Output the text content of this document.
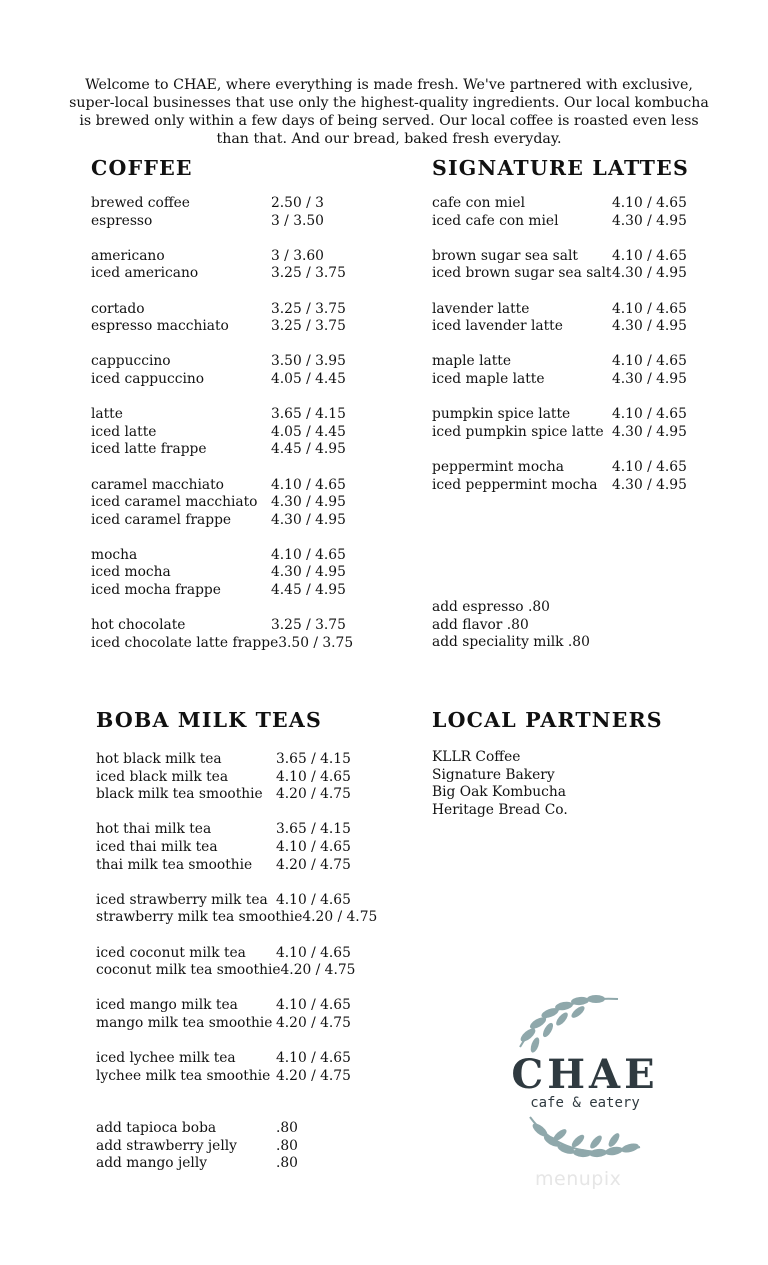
Welcome to CHAE, where everything is made fresh. We've partnered with exclusive, super-local businesses that use only the highest-quality ingredients. Our local kombucha is brewed only within a few days of being served. Our local coffee is roasted even less than that. And our bread, baked fresh everyday.
COFFEE
brewed coffee	2.50 / 3
espresso	3 / 3.50
americano	3 / 3.60
iced americano	3.25 / 3.75
cortado	3.25 / 3.75
espresso macchiato	3.25 / 3.75
cappuccino	3.50 / 3.95
iced cappuccino	4.05 / 4.45
latte	3.65 / 4.15
iced latte	4.05 / 4.45
iced latte frappe	4.45 / 4.95
caramel macchiato	4.10 / 4.65
iced caramel macchiato 4.30 / 4.95
iced caramel frappe	4.30 / 4.95
mocha	4.10 / 4.65
iced mocha	4.30 / 4.95
iced mocha frappe	4.45 / 4.95
hot chocolate	3.25 / 3.75
iced chocolate latte frappe 3.50 / 3.75
SIGNATURE LATTES
cafe con miel	4.10 / 4.65
iced cafe con miel	4.30 / 4.95
brown sugar sea salt	4.10 / 4.65
iced brown sugar sea salt 4.30 / 4.95
lavender latte	4.10 / 4.65
iced lavender latte	4.30 / 4.95
maple latte	4.10 / 4.65
iced maple latte	4.30 / 4.95
pumpkin spice latte	4.10 / 4.65
iced pumpkin spice latte 4.30 / 4.95
peppermint mocha	4.10 / 4.65
iced peppermint mocha	4.30 / 4.95
add espresso .80
add flavor .80
add speciality milk .80
BOBA MILK TEAS
hot black milk tea	3.65 / 4.15
iced black milk tea	4.10 / 4.65
black milk tea smoothie 4.20 / 4.75
hot thai milk tea	3.65 / 4.15
iced thai milk tea	4.10 / 4.65
thai milk tea smoothie	4.20 / 4.75
iced strawberry milk tea 4.10 / 4.65
strawberry milk tea smoothie 4.20 / 4.75
iced coconut milk tea	4.10 / 4.65
coconut milk tea smoothie 4.20 / 4.75
iced mango milk tea	4.10 / 4.65
mango milk tea smoothie 4.20 / 4.75
iced lychee milk tea	4.10 / 4.65
lychee milk tea smoothie 4.20 / 4.75
add tapioca boba	.80
add strawberry jelly	.80
add mango jelly	.80
LOCAL PARTNERS
KLLR Coffee
Signature Bakery
Big Oak Kombucha
Heritage Bread Co.
CHAE
cafe & eatery
menupix
